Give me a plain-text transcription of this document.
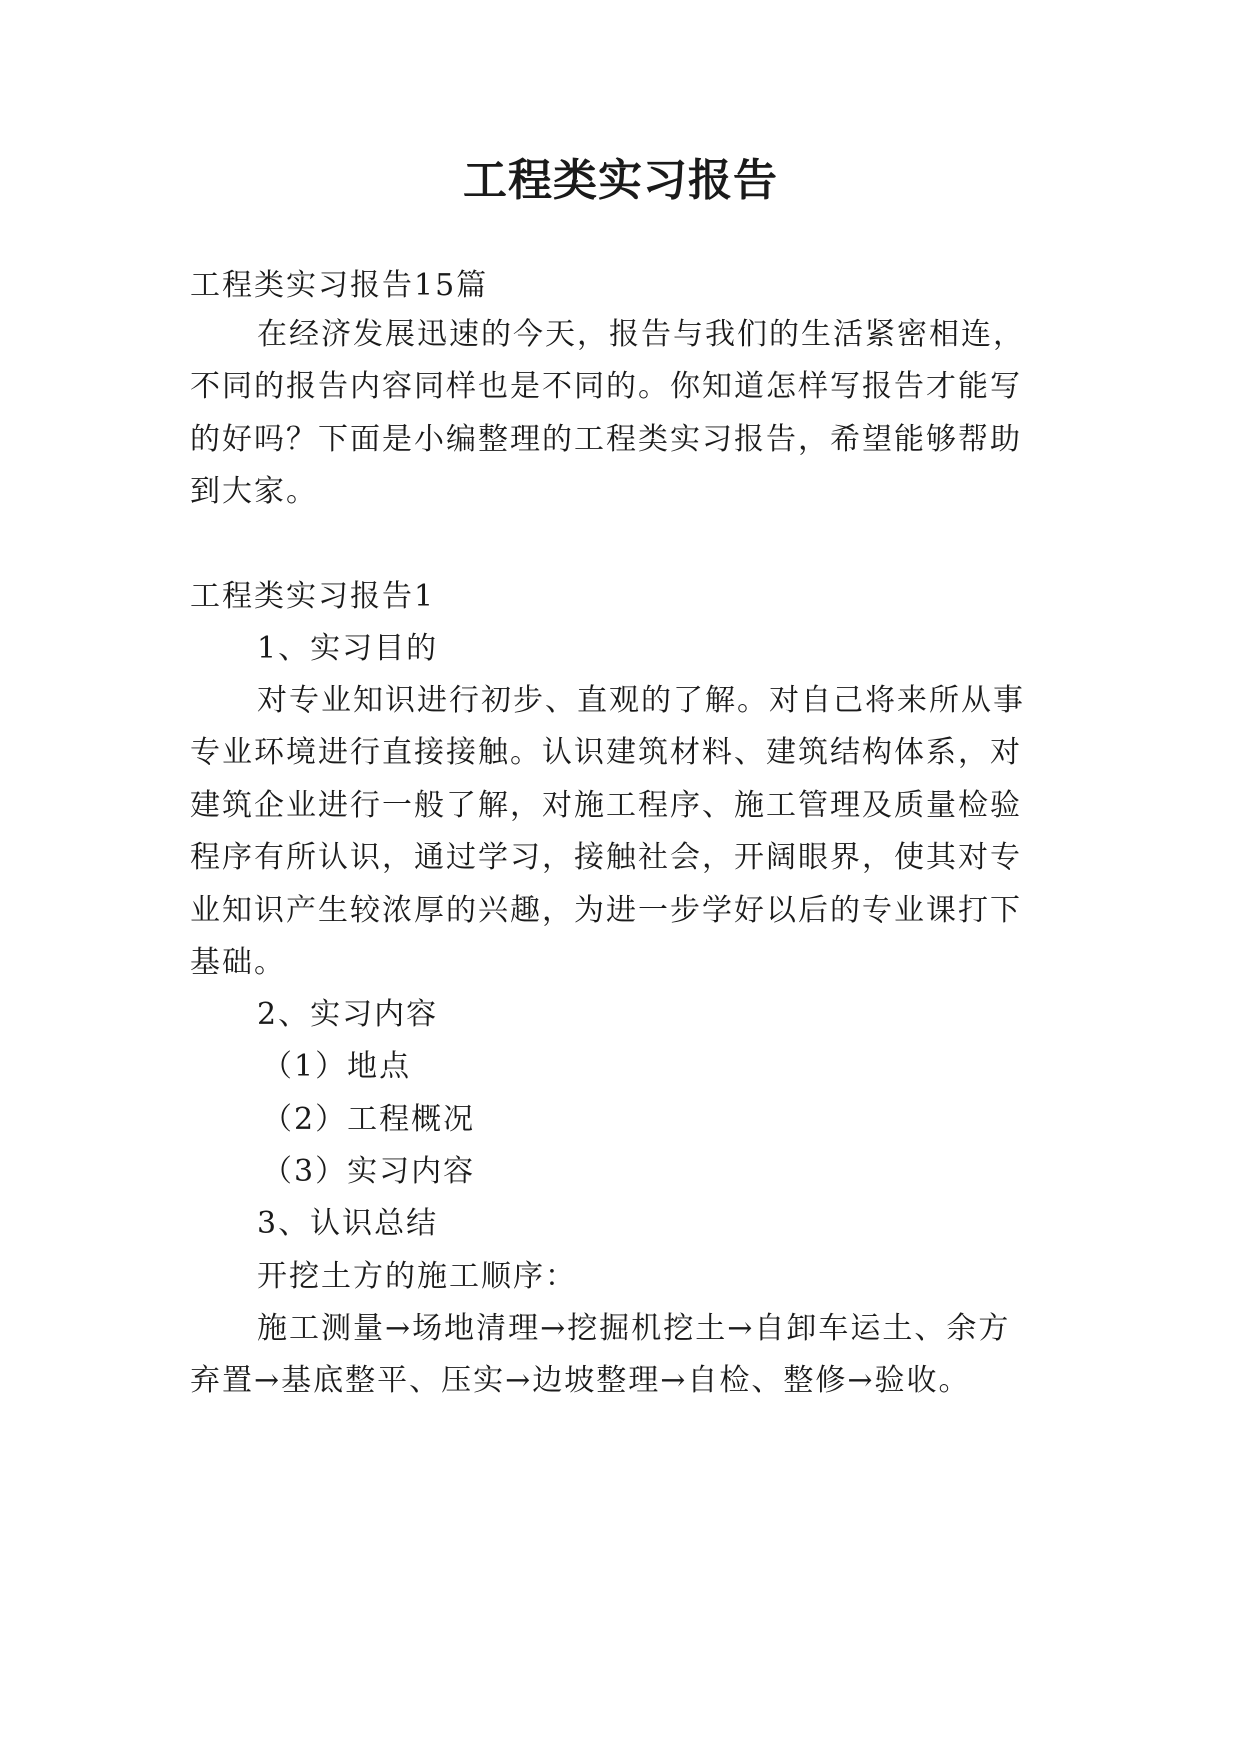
工程类实习报告
工程类实习报告15篇
在经济发展迅速的今天，报告与我们的生活紧密相连，
不同的报告内容同样也是不同的。你知道怎样写报告才能写
的好吗？下面是小编整理的工程类实习报告，希望能够帮助
到大家。
工程类实习报告1
1、实习目的
对专业知识进行初步、直观的了解。对自己将来所从事
专业环境进行直接接触。认识建筑材料、建筑结构体系，对
建筑企业进行一般了解，对施工程序、施工管理及质量检验
程序有所认识，通过学习，接触社会，开阔眼界，使其对专
业知识产生较浓厚的兴趣，为进一步学好以后的专业课打下
基础。
2、实习内容
（1）地点
（2）工程概况
（3）实习内容
3、认识总结
开挖土方的施工顺序：
施工测量→场地清理→挖掘机挖土→自卸车运土、余方
弃置→基底整平、压实→边坡整理→自检、整修→验收。
